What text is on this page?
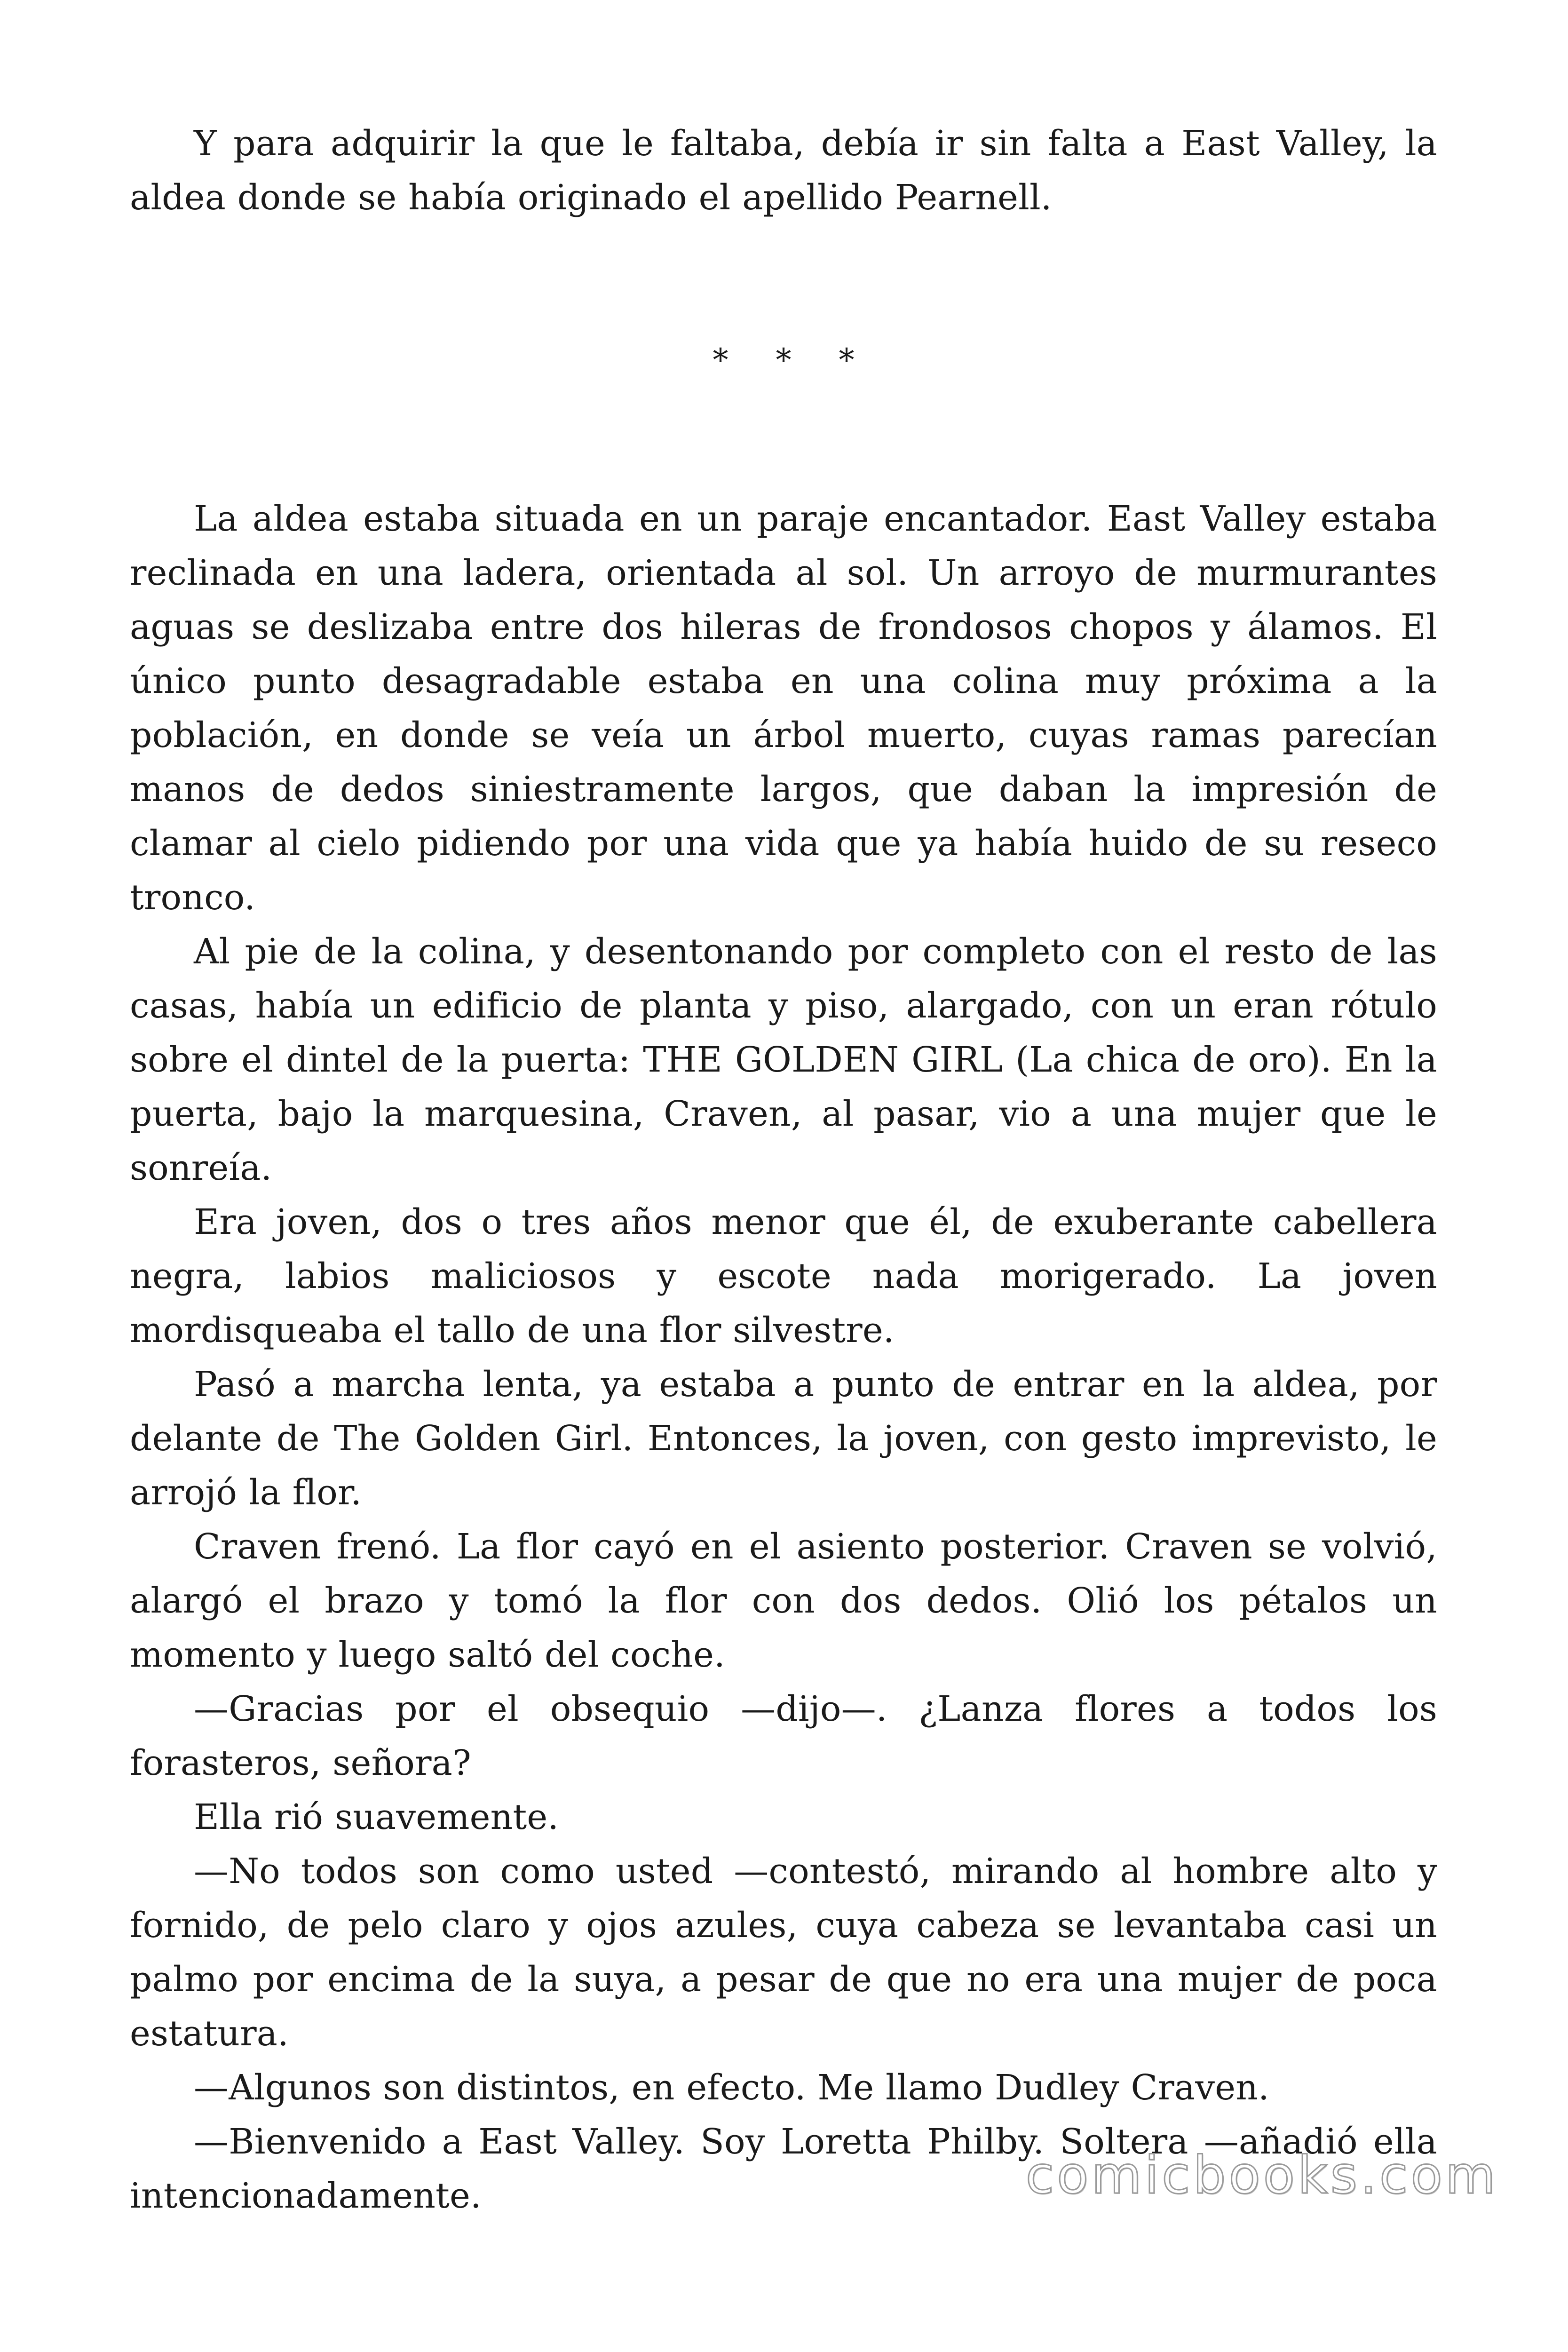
Y para adquirir la que le faltaba, debía ir sin falta a East Valley, la aldea donde se había originado el apellido Pearnell.

* * *

La aldea estaba situada en un paraje encantador. East Valley estaba reclinada en una ladera, orientada al sol. Un arroyo de murmurantes aguas se deslizaba entre dos hileras de frondosos chopos y álamos. El único punto desagradable estaba en una colina muy próxima a la población, en donde se veía un árbol muerto, cuyas ramas parecían manos de dedos siniestramente largos, que daban la impresión de clamar al cielo pidiendo por una vida que ya había huido de su reseco tronco.

Al pie de la colina, y desentonando por completo con el resto de las casas, había un edificio de planta y piso, alargado, con un eran rótulo sobre el dintel de la puerta: THE GOLDEN GIRL (La chica de oro). En la puerta, bajo la marquesina, Craven, al pasar, vio a una mujer que le sonreía.

Era joven, dos o tres años menor que él, de exuberante cabellera negra, labios maliciosos y escote nada morigerado. La joven mordisqueaba el tallo de una flor silvestre.

Pasó a marcha lenta, ya estaba a punto de entrar en la aldea, por delante de The Golden Girl. Entonces, la joven, con gesto imprevisto, le arrojó la flor.

Craven frenó. La flor cayó en el asiento posterior. Craven se volvió, alargó el brazo y tomó la flor con dos dedos. Olió los pétalos un momento y luego saltó del coche.

—Gracias por el obsequio —dijo—. ¿Lanza flores a todos los forasteros, señora?

Ella rió suavemente.

—No todos son como usted —contestó, mirando al hombre alto y fornido, de pelo claro y ojos azules, cuya cabeza se levantaba casi un palmo por encima de la suya, a pesar de que no era una mujer de poca estatura.

—Algunos son distintos, en efecto. Me llamo Dudley Craven.

—Bienvenido a East Valley. Soy Loretta Philby. Soltera —añadió ella intencionadamente.	comicbooks.com
